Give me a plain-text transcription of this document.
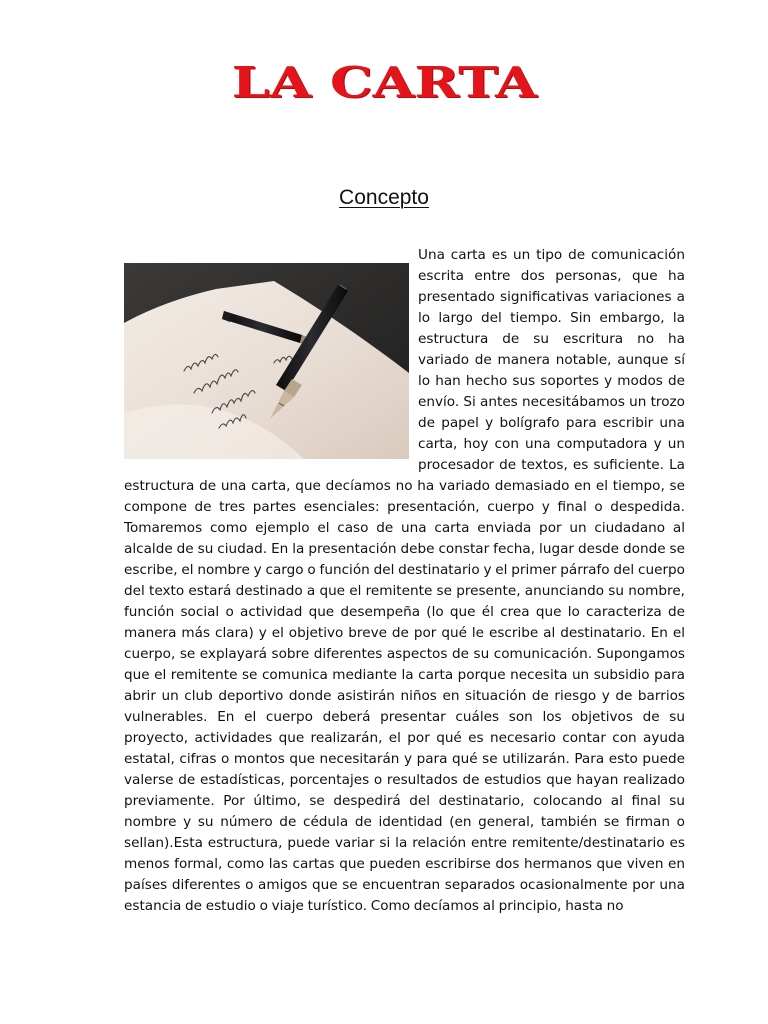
LA CARTA
Concepto

Una carta es un tipo de comunicación escrita entre dos personas, que ha presentado significativas variaciones a lo largo del tiempo. Sin embargo, la estructura de su escritura no ha variado de manera notable, aunque sí lo han hecho sus soportes y modos de envío. Si antes necesitábamos un trozo de papel y bolígrafo para escribir una carta, hoy con una computadora y un procesador de textos, es suficiente. La estructura de una carta, que decíamos no ha variado demasiado en el tiempo, se compone de tres partes esenciales: presentación, cuerpo y final o despedida. Tomaremos como ejemplo el caso de una carta enviada por un ciudadano al alcalde de su ciudad. En la presentación debe constar fecha, lugar desde donde se escribe, el nombre y cargo o función del destinatario y el primer párrafo del cuerpo del texto estará destinado a que el remitente se presente, anunciando su nombre, función social o actividad que desempeña (lo que él crea que lo caracteriza de manera más clara) y el objetivo breve de por qué le escribe al destinatario. En el cuerpo, se explayará sobre diferentes aspectos de su comunicación. Supongamos que el remitente se comunica mediante la carta porque necesita un subsidio para abrir un club deportivo donde asistirán niños en situación de riesgo y de barrios vulnerables. En el cuerpo deberá presentar cuáles son los objetivos de su proyecto, actividades que realizarán, el por qué es necesario contar con ayuda estatal, cifras o montos que necesitarán y para qué se utilizarán. Para esto puede valerse de estadísticas, porcentajes o resultados de estudios que hayan realizado previamente. Por último, se despedirá del destinatario, colocando al final su nombre y su número de cédula de identidad (en general, también se firman o sellan).Esta estructura, puede variar si la relación entre remitente/destinatario es menos formal, como las cartas que pueden escribirse dos hermanos que viven en países diferentes o amigos que se encuentran separados ocasionalmente por una estancia de estudio o viaje turístico. Como decíamos al principio, hasta no
